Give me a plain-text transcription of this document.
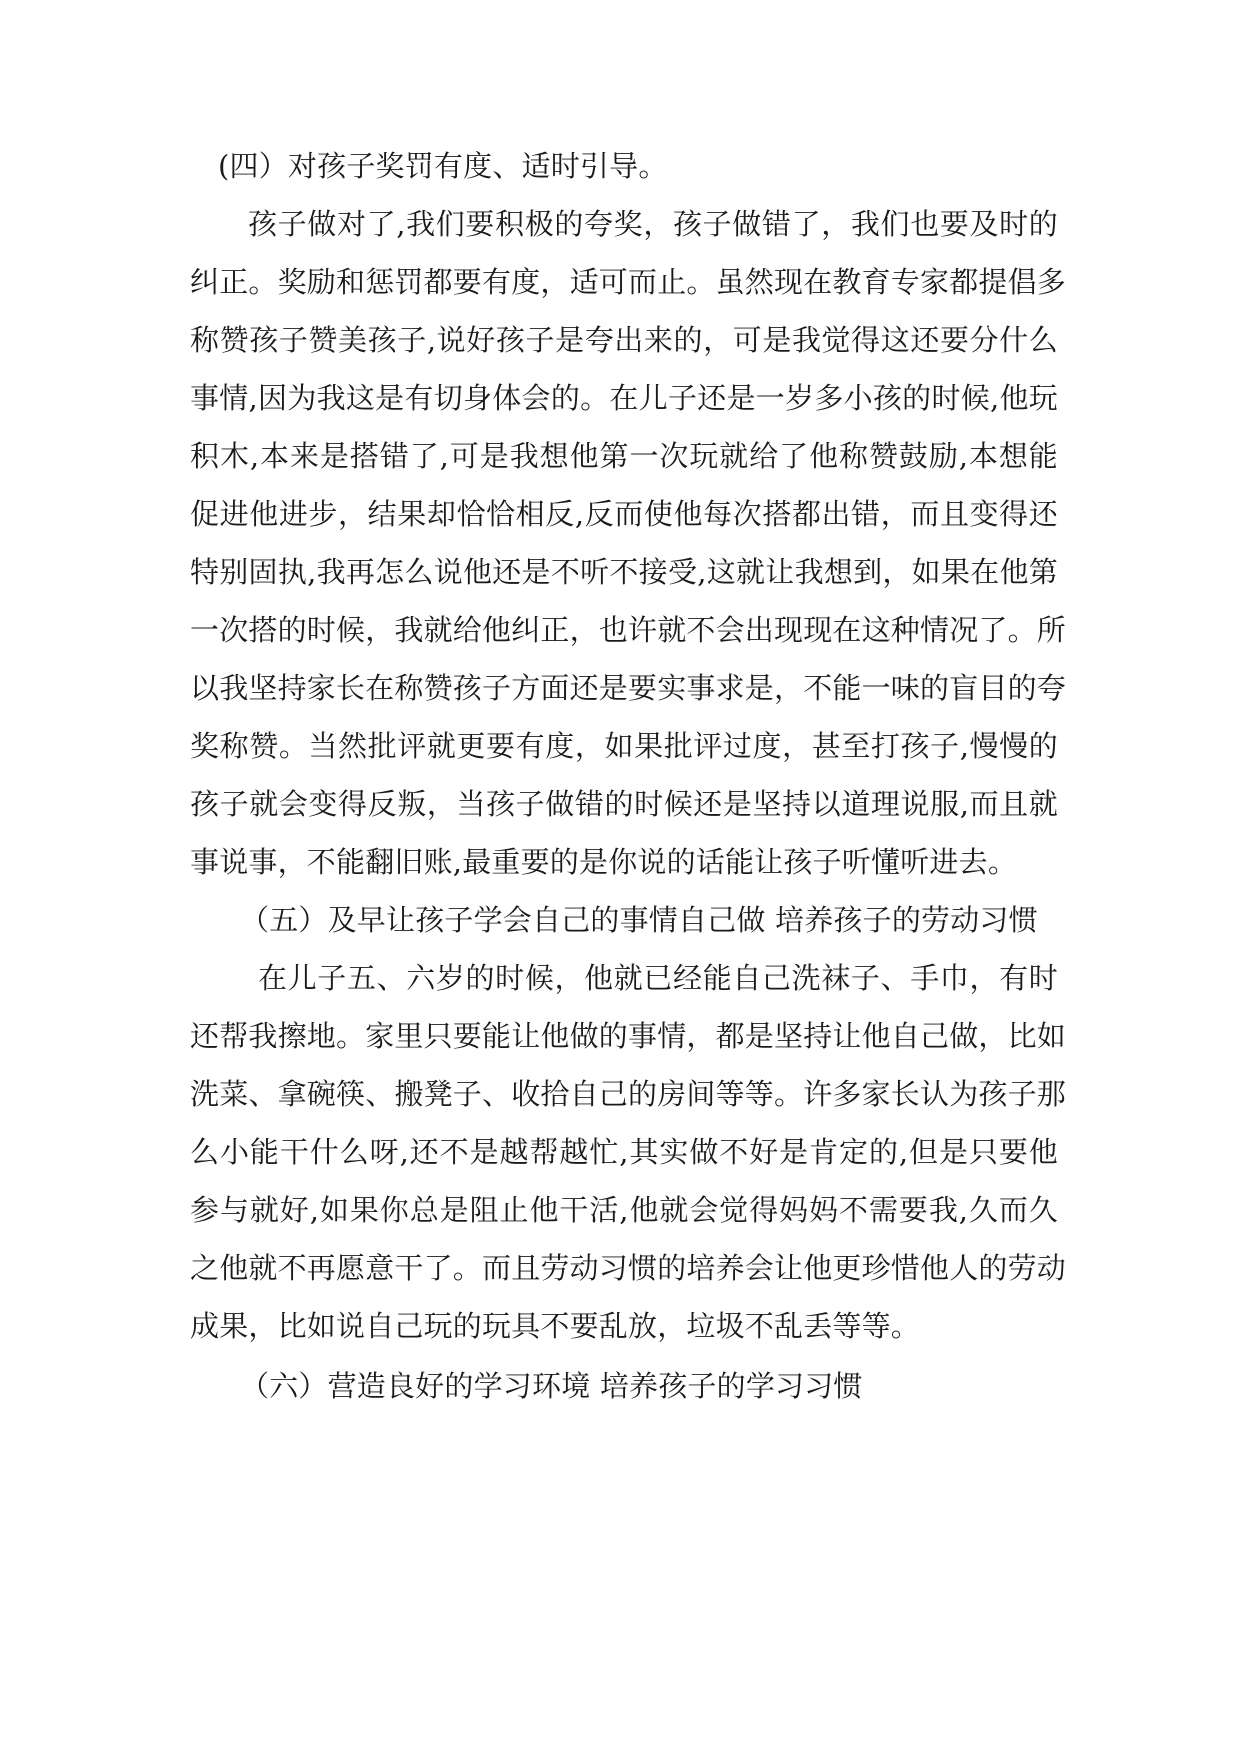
(四）对孩子奖罚有度、适时引导。
孩子做对了,我们要积极的夸奖，孩子做错了，我们也要及时的
纠正。奖励和惩罚都要有度，适可而止。虽然现在教育专家都提倡多
称赞孩子赞美孩子,说好孩子是夸出来的，可是我觉得这还要分什么
事情,因为我这是有切身体会的。在儿子还是一岁多小孩的时候,他玩
积木,本来是搭错了,可是我想他第一次玩就给了他称赞鼓励,本想能
促进他进步，结果却恰恰相反,反而使他每次搭都出错，而且变得还
特别固执,我再怎么说他还是不听不接受,这就让我想到，如果在他第
一次搭的时候，我就给他纠正，也许就不会出现现在这种情况了。所
以我坚持家长在称赞孩子方面还是要实事求是，不能一味的盲目的夸
奖称赞。当然批评就更要有度，如果批评过度，甚至打孩子,慢慢的
孩子就会变得反叛，当孩子做错的时候还是坚持以道理说服,而且就
事说事，不能翻旧账,最重要的是你说的话能让孩子听懂听进去。
（五）及早让孩子学会自己的事情自己做 培养孩子的劳动习惯
在儿子五、六岁的时候，他就已经能自己洗袜子、手巾，有时
还帮我擦地。家里只要能让他做的事情，都是坚持让他自己做，比如
洗菜、拿碗筷、搬凳子、收拾自己的房间等等。许多家长认为孩子那
么小能干什么呀,还不是越帮越忙,其实做不好是肯定的,但是只要他
参与就好,如果你总是阻止他干活,他就会觉得妈妈不需要我,久而久
之他就不再愿意干了。而且劳动习惯的培养会让他更珍惜他人的劳动
成果，比如说自己玩的玩具不要乱放，垃圾不乱丢等等。
（六）营造良好的学习环境 培养孩子的学习习惯
